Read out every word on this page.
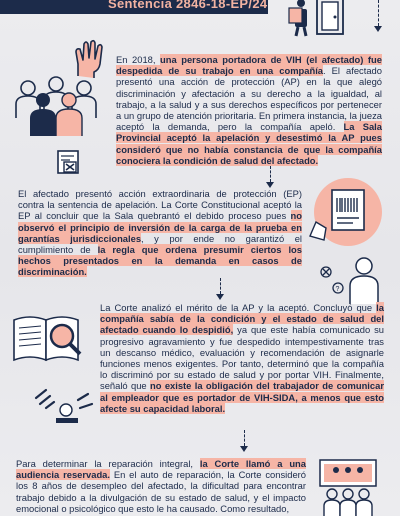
Sentencia 2846-18-EP/24
En 2018, una persona portadora de VIH (el afectado) fue despedida de su trabajo en una compañía. El afectado presentó una acción de protección (AP) en la que alegó discriminación y afectación a su derecho a la igualdad, al trabajo, a la salud y a sus derechos específicos por pertenecer a un grupo de atención prioritaria. En primera instancia, la jueza aceptó la demanda, pero la compañía apeló. La Sala Provincial aceptó la apelación y desestimó la AP pues consideró que no había constancia de que la compañía conociera la condición de salud del afectado.
El afectado presentó acción extraordinaria de protección (EP) contra la sentencia de apelación. La Corte Constitucional aceptó la EP al concluir que la Sala quebrantó el debido proceso pues no observó el principio de inversión de la carga de la prueba en garantías jurisdiccionales, y por ende no garantizó el cumplimiento de la regla que ordena presumir ciertos los hechos presentados en la demanda en casos de discriminación.
?
La Corte analizó el mérito de la AP y la aceptó. Concluyó que la compañía sabía de la condición y el estado de salud del afectado cuando lo despidió, ya que este había comunicado su progresivo agravamiento y fue despedido intempestivamente tras un descanso médico, evaluación y recomendación de asignarle funciones menos exigentes. Por tanto, determinó que la compañía lo discriminó por su estado de salud y por portar VIH. Finalmente, señaló que no existe la obligación del trabajador de comunicar al empleador que es portador de VIH-SIDA, a menos que esto afecte su capacidad laboral.
Para determinar la reparación integral, la Corte llamó a una audiencia reservada. En el auto de reparación, la Corte consideró los 8 años de desempleo del afectado, la dificultad para encontrar trabajo debido a la divulgación de su estado de salud, y el impacto emocional o psicológico que esto le ha causado. Como resultado,
